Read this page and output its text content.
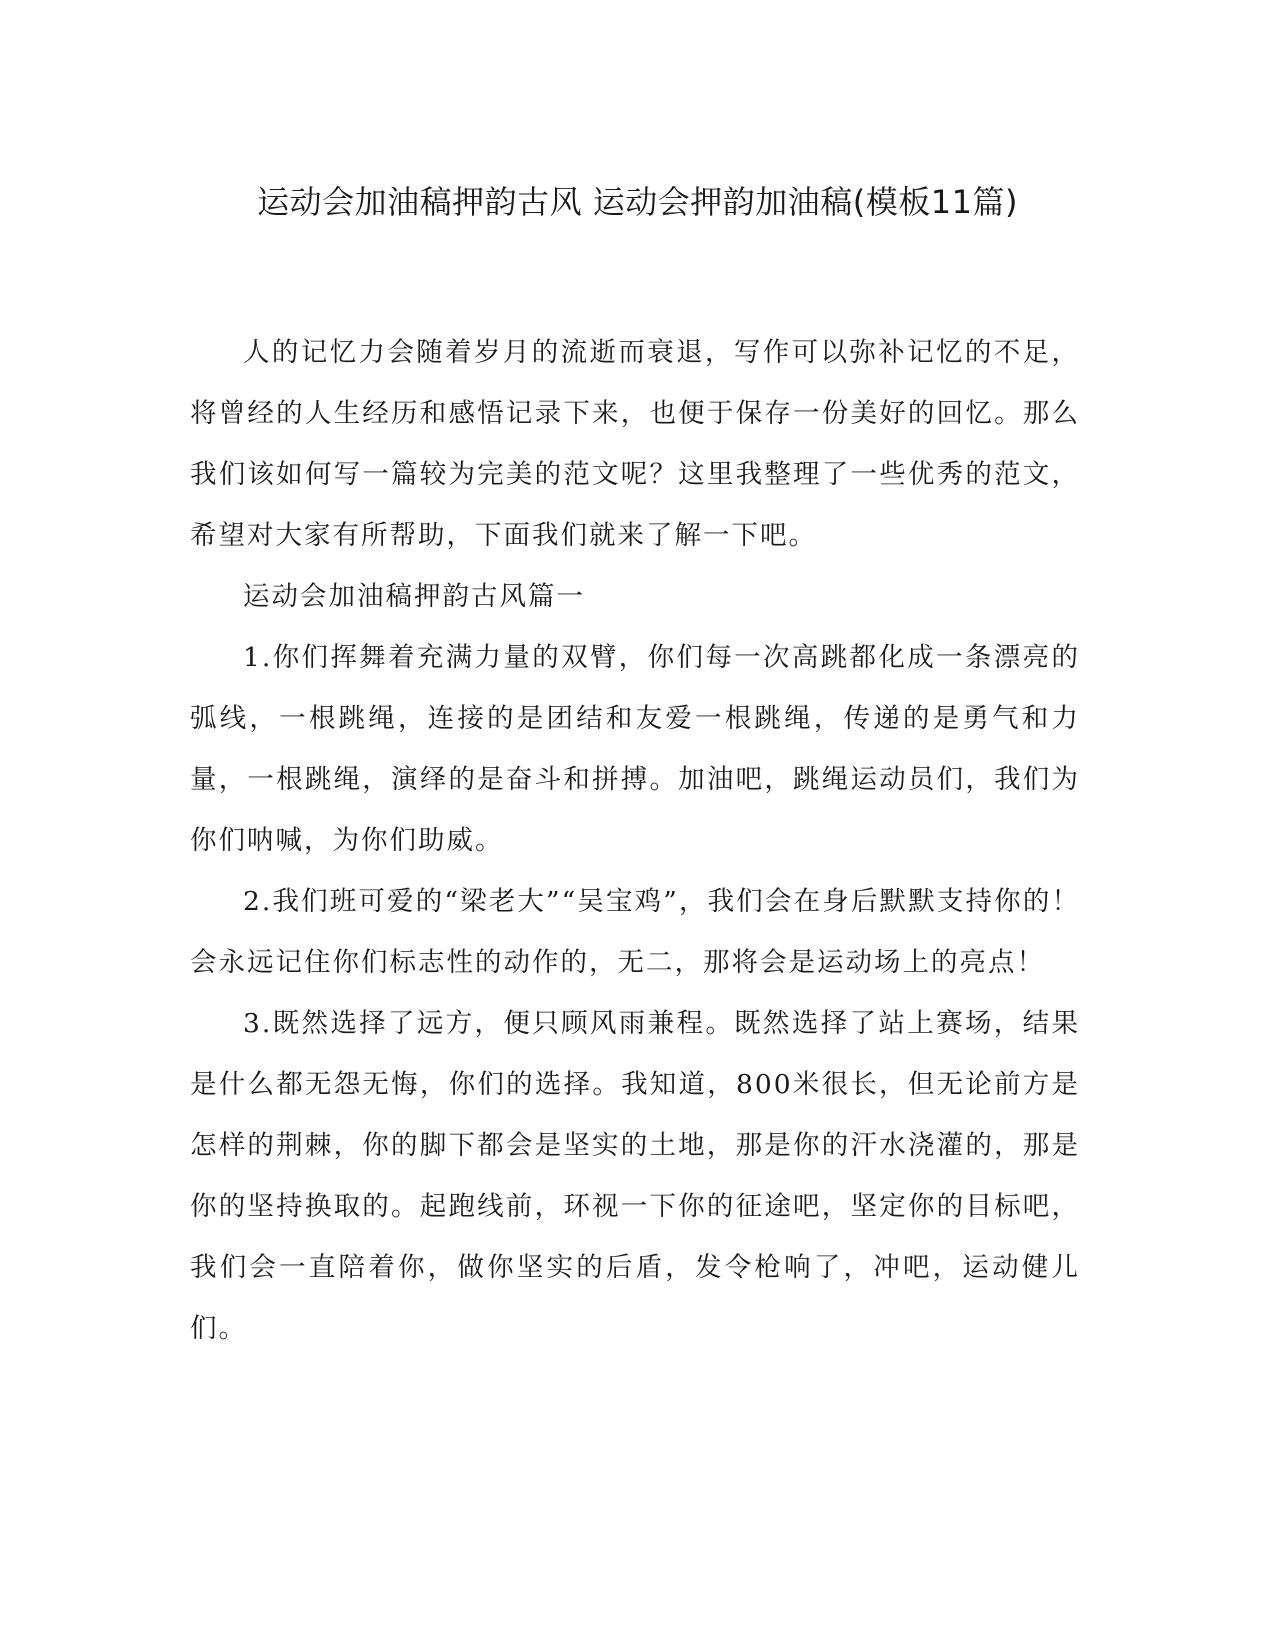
运动会加油稿押韵古风 运动会押韵加油稿(模板11篇)

人的记忆力会随着岁月的流逝而衰退，写作可以弥补记忆的不足，将曾经的人生经历和感悟记录下来，也便于保存一份美好的回忆。那么我们该如何写一篇较为完美的范文呢？这里我整理了一些优秀的范文，希望对大家有所帮助，下面我们就来了解一下吧。

运动会加油稿押韵古风篇一

1.你们挥舞着充满力量的双臂，你们每一次高跳都化成一条漂亮的弧线，一根跳绳，连接的是团结和友爱一根跳绳，传递的是勇气和力量，一根跳绳，演绎的是奋斗和拼搏。加油吧，跳绳运动员们，我们为你们呐喊，为你们助威。

2.我们班可爱的“梁老大”“吴宝鸡”，我们会在身后默默支持你的！会永远记住你们标志性的动作的，无二，那将会是运动场上的亮点！

3.既然选择了远方，便只顾风雨兼程。既然选择了站上赛场，结果是什么都无怨无悔，你们的选择。我知道，800米很长，但无论前方是怎样的荆棘，你的脚下都会是坚实的土地，那是你的汗水浇灌的，那是你的坚持换取的。起跑线前，环视一下你的征途吧，坚定你的目标吧，我们会一直陪着你，做你坚实的后盾，发令枪响了，冲吧，运动健儿们。
